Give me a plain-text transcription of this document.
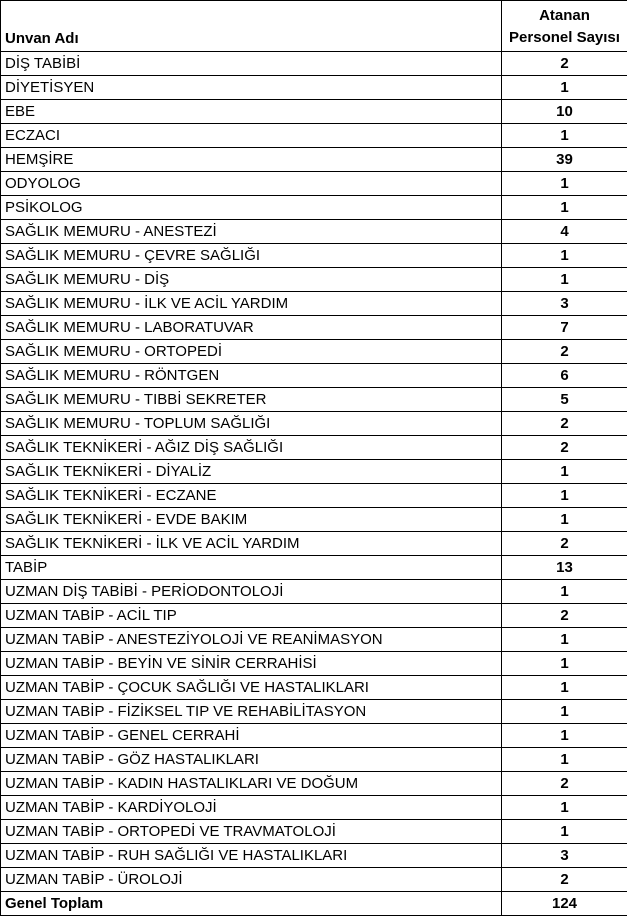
Unvan Adı	Atanan
Personel Sayısı
DİŞ TABİBİ	2
DİYETİSYEN	1
EBE	10
ECZACI	1
HEMŞİRE	39
ODYOLOG	1
PSİKOLOG	1
SAĞLIK MEMURU - ANESTEZİ	4
SAĞLIK MEMURU - ÇEVRE SAĞLIĞI	1
SAĞLIK MEMURU - DİŞ	1
SAĞLIK MEMURU - İLK VE ACİL YARDIM	3
SAĞLIK MEMURU - LABORATUVAR	7
SAĞLIK MEMURU - ORTOPEDİ	2
SAĞLIK MEMURU - RÖNTGEN	6
SAĞLIK MEMURU - TIBBİ SEKRETER	5
SAĞLIK MEMURU - TOPLUM SAĞLIĞI	2
SAĞLIK TEKNİKERİ - AĞIZ DİŞ SAĞLIĞI	2
SAĞLIK TEKNİKERİ - DİYALİZ	1
SAĞLIK TEKNİKERİ - ECZANE	1
SAĞLIK TEKNİKERİ - EVDE BAKIM	1
SAĞLIK TEKNİKERİ - İLK VE ACİL YARDIM	2
TABİP	13
UZMAN DİŞ TABİBİ - PERİODONTOLOJİ	1
UZMAN TABİP - ACİL TIP	2
UZMAN TABİP - ANESTEZİYOLOJİ VE REANİMASYON	1
UZMAN TABİP - BEYİN VE SİNİR CERRAHİSİ	1
UZMAN TABİP - ÇOCUK SAĞLIĞI VE HASTALIKLARI	1
UZMAN TABİP - FİZİKSEL TIP VE REHABİLİTASYON	1
UZMAN TABİP - GENEL CERRAHİ	1
UZMAN TABİP - GÖZ HASTALIKLARI	1
UZMAN TABİP - KADIN HASTALIKLARI VE DOĞUM	2
UZMAN TABİP - KARDİYOLOJİ	1
UZMAN TABİP - ORTOPEDİ VE TRAVMATOLOJİ	1
UZMAN TABİP - RUH SAĞLIĞI VE HASTALIKLARI	3
UZMAN TABİP - ÜROLOJİ	2
Genel Toplam	124
